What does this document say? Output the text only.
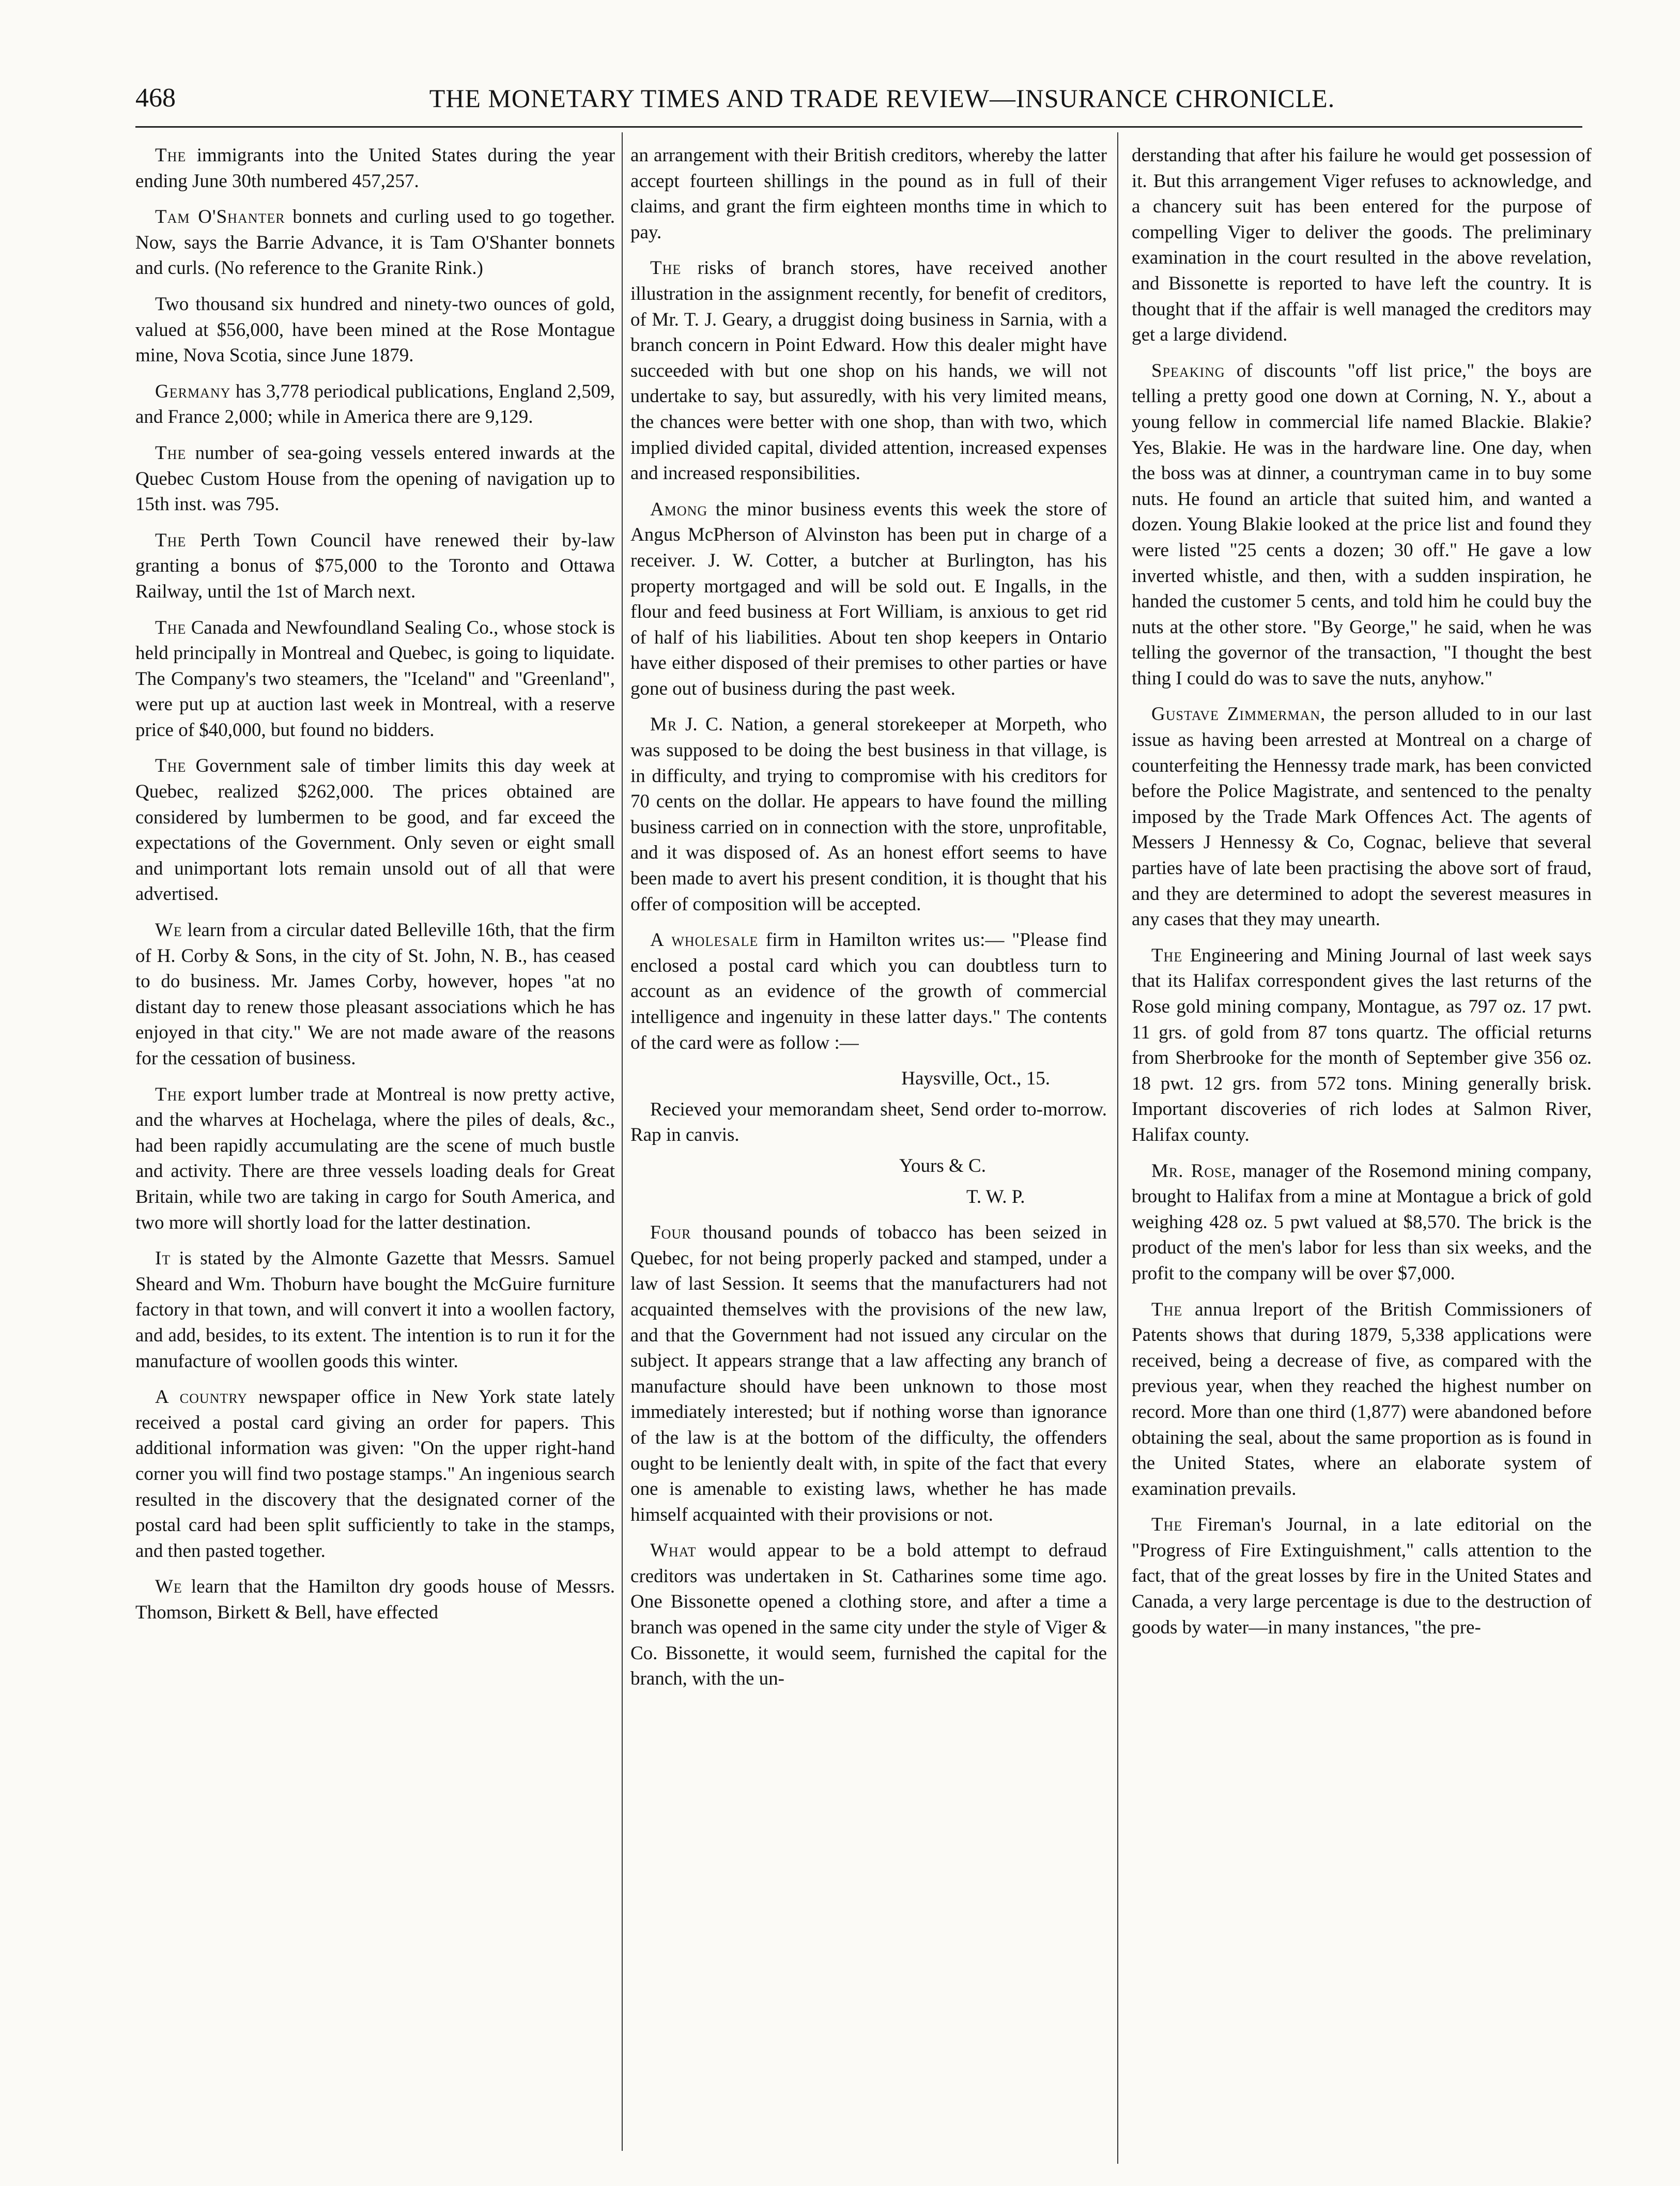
468	THE MONETARY TIMES AND TRADE REVIEW—INSURANCE CHRONICLE.

The immigrants into the United States during the year ending June 30th numbered 457,257.

Tam O'Shanter bonnets and curling used to go together. Now, says the Barrie Advance, it is Tam O'Shanter bonnets and curls. (No reference to the Granite Rink.)

Two thousand six hundred and ninety-two ounces of gold, valued at $56,000, have been mined at the Rose Montague mine, Nova Scotia, since June 1879.

Germany has 3,778 periodical publications, England 2,509, and France 2,000; while in America there are 9,129.

The number of sea-going vessels entered inwards at the Quebec Custom House from the opening of navigation up to 15th inst. was 795.

The Perth Town Council have renewed their by-law granting a bonus of $75,000 to the Toronto and Ottawa Railway, until the 1st of March next.

The Canada and Newfoundland Sealing Co., whose stock is held principally in Montreal and Quebec, is going to liquidate. The Company's two steamers, the "Iceland" and "Greenland", were put up at auction last week in Montreal, with a reserve price of $40,000, but found no bidders.

The Government sale of timber limits this day week at Quebec, realized $262,000. The prices obtained are considered by lumbermen to be good, and far exceed the expectations of the Government. Only seven or eight small and unimportant lots remain unsold out of all that were advertised.

We learn from a circular dated Belleville 16th, that the firm of H. Corby & Sons, in the city of St. John, N. B., has ceased to do business. Mr. James Corby, however, hopes "at no distant day to renew those pleasant associations which he has enjoyed in that city." We are not made aware of the reasons for the cessation of business.

The export lumber trade at Montreal is now pretty active, and the wharves at Hochelaga, where the piles of deals, &c., had been rapidly accumulating are the scene of much bustle and activity. There are three vessels loading deals for Great Britain, while two are taking in cargo for South America, and two more will shortly load for the latter destination.

It is stated by the Almonte Gazette that Messrs. Samuel Sheard and Wm. Thoburn have bought the McGuire furniture factory in that town, and will convert it into a woollen factory, and add, besides, to its extent. The intention is to run it for the manufacture of woollen goods this winter.

A country newspaper office in New York state lately received a postal card giving an order for papers. This additional information was given: "On the upper right-hand corner you will find two postage stamps." An ingenious search resulted in the discovery that the designated corner of the postal card had been split sufficiently to take in the stamps, and then pasted together.

We learn that the Hamilton dry goods house of Messrs. Thomson, Birkett & Bell, have effected

an arrangement with their British creditors, whereby the latter accept fourteen shillings in the pound as in full of their claims, and grant the firm eighteen months time in which to pay.

The risks of branch stores, have received another illustration in the assignment recently, for benefit of creditors, of Mr. T. J. Geary, a druggist doing business in Sarnia, with a branch concern in Point Edward. How this dealer might have succeeded with but one shop on his hands, we will not undertake to say, but assuredly, with his very limited means, the chances were better with one shop, than with two, which implied divided capital, divided attention, increased expenses and increased responsibilities.

Among the minor business events this week the store of Angus McPherson of Alvinston has been put in charge of a receiver. J. W. Cotter, a butcher at Burlington, has his property mortgaged and will be sold out. E Ingalls, in the flour and feed business at Fort William, is anxious to get rid of half of his liabilities. About ten shop keepers in Ontario have either disposed of their premises to other parties or have gone out of business during the past week.

Mr J. C. Nation, a general storekeeper at Morpeth, who was supposed to be doing the best business in that village, is in difficulty, and trying to compromise with his creditors for 70 cents on the dollar. He appears to have found the milling business carried on in connection with the store, unprofitable, and it was disposed of. As an honest effort seems to have been made to avert his present condition, it is thought that his offer of composition will be accepted.

A wholesale firm in Hamilton writes us:— "Please find enclosed a postal card which you can doubtless turn to account as an evidence of the growth of commercial intelligence and ingenuity in these latter days." The contents of the card were as follow :—

Haysville, Oct., 15.
Recieved your memorandam sheet, Send order to-morrow. Rap in canvis.
Yours & C.
T. W. P.

Four thousand pounds of tobacco has been seized in Quebec, for not being properly packed and stamped, under a law of last Session. It seems that the manufacturers had not acquainted themselves with the provisions of the new law, and that the Government had not issued any circular on the subject. It appears strange that a law affecting any branch of manufacture should have been unknown to those most immediately interested; but if nothing worse than ignorance of the law is at the bottom of the difficulty, the offenders ought to be leniently dealt with, in spite of the fact that every one is amenable to existing laws, whether he has made himself acquainted with their provisions or not.

What would appear to be a bold attempt to defraud creditors was undertaken in St. Catharines some time ago. One Bissonette opened a clothing store, and after a time a branch was opened in the same city under the style of Viger & Co. Bissonette, it would seem, furnished the capital for the branch, with the un-

derstanding that after his failure he would get possession of it. But this arrangement Viger refuses to acknowledge, and a chancery suit has been entered for the purpose of compelling Viger to deliver the goods. The preliminary examination in the court resulted in the above revelation, and Bissonette is reported to have left the country. It is thought that if the affair is well managed the creditors may get a large dividend.

Speaking of discounts "off list price," the boys are telling a pretty good one down at Corning, N. Y., about a young fellow in commercial life named Blackie. Blakie? Yes, Blakie. He was in the hardware line. One day, when the boss was at dinner, a countryman came in to buy some nuts. He found an article that suited him, and wanted a dozen. Young Blakie looked at the price list and found they were listed "25 cents a dozen; 30 off." He gave a low inverted whistle, and then, with a sudden inspiration, he handed the customer 5 cents, and told him he could buy the nuts at the other store. "By George," he said, when he was telling the governor of the transaction, "I thought the best thing I could do was to save the nuts, anyhow."

Gustave Zimmerman, the person alluded to in our last issue as having been arrested at Montreal on a charge of counterfeiting the Hennessy trade mark, has been convicted before the Police Magistrate, and sentenced to the penalty imposed by the Trade Mark Offences Act. The agents of Messers J Hennessy & Co, Cognac, believe that several parties have of late been practising the above sort of fraud, and they are determined to adopt the severest measures in any cases that they may unearth.

The Engineering and Mining Journal of last week says that its Halifax correspondent gives the last returns of the Rose gold mining company, Montague, as 797 oz. 17 pwt. 11 grs. of gold from 87 tons quartz. The official returns from Sherbrooke for the month of September give 356 oz. 18 pwt. 12 grs. from 572 tons. Mining generally brisk. Important discoveries of rich lodes at Salmon River, Halifax county.

Mr. Rose, manager of the Rosemond mining company, brought to Halifax from a mine at Montague a brick of gold weighing 428 oz. 5 pwt valued at $8,570. The brick is the product of the men's labor for less than six weeks, and the profit to the company will be over $7,000.

The annua lreport of the British Commissioners of Patents shows that during 1879, 5,338 applications were received, being a decrease of five, as compared with the previous year, when they reached the highest number on record. More than one third (1,877) were abandoned before obtaining the seal, about the same proportion as is found in the United States, where an elaborate system of examination prevails.

The Fireman's Journal, in a late editorial on the "Progress of Fire Extinguishment," calls attention to the fact, that of the great losses by fire in the United States and Canada, a very large percentage is due to the destruction of goods by water—in many instances, "the pre-
